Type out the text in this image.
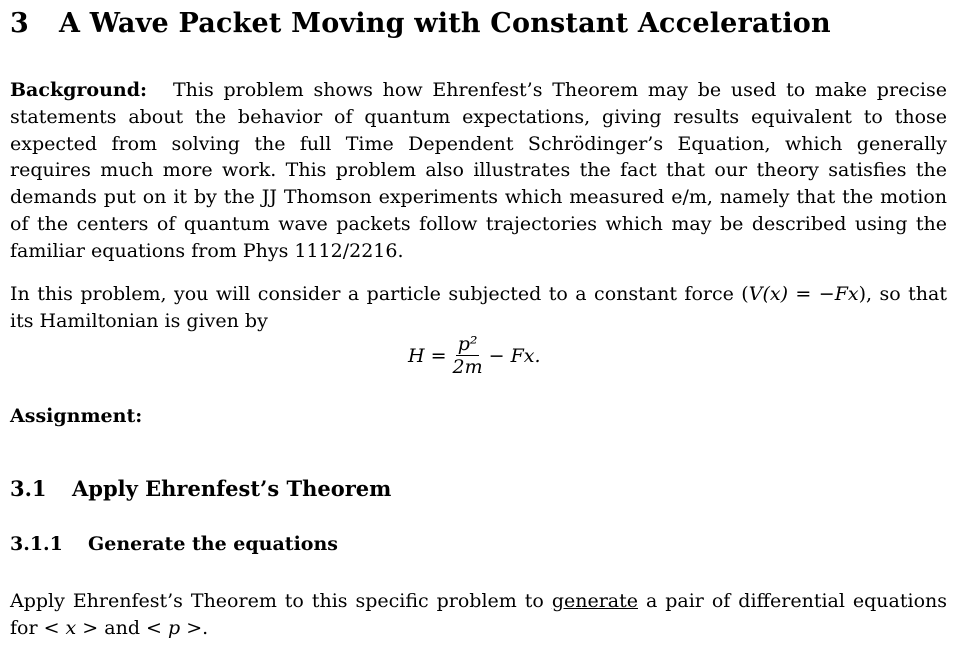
3 A Wave Packet Moving with Constant Acceleration

Background: This problem shows how Ehrenfest’s Theorem may be used to make precise statements about the behavior of quantum expectations, giving results equivalent to those expected from solving the full Time Dependent Schrödinger’s Equation, which generally requires much more work. This problem also illustrates the fact that our theory satisfies the demands put on it by the JJ Thomson experiments which measured e/m, namely that the motion of the centers of quantum wave packets follow trajectories which may be described using the familiar equations from Phys 1112/2216.

In this problem, you will consider a particle subjected to a constant force (V(x) = −Fx), so that its Hamiltonian is given by

$H = \frac{\text{p²}}{2m} - Fx$.
Assignment:
3.1 Apply Ehrenfest’s Theorem
3.1.1 Generate the equations

Apply Ehrenfest’s Theorem to this specific problem to generate a pair of differential equations for < x > and < p >.
